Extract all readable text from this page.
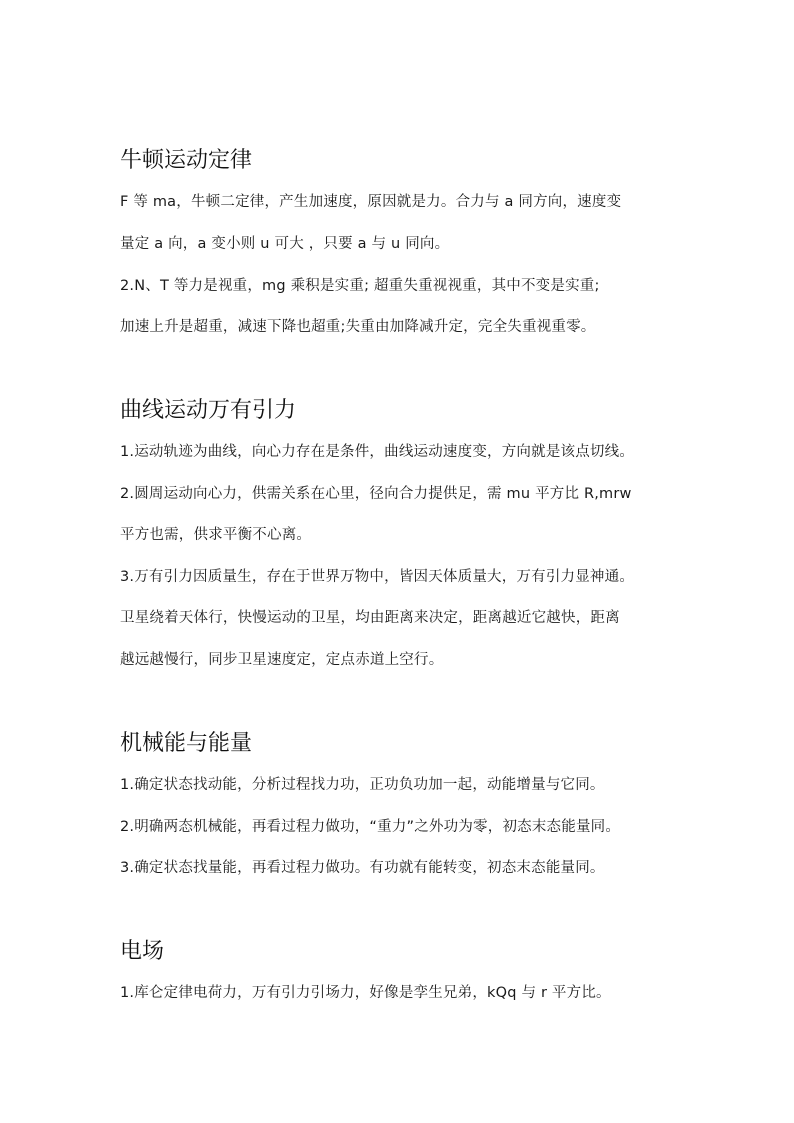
牛顿运动定律

F 等 ma，牛顿二定律，产生加速度，原因就是力。合力与 a 同方向，速度变

量定 a 向，a 变小则 u 可大 ，只要 a 与 u 同向。

2.N、T 等力是视重，mg 乘积是实重; 超重失重视视重，其中不变是实重;

加速上升是超重，减速下降也超重;失重由加降减升定，完全失重视重零。

曲线运动万有引力

1.运动轨迹为曲线，向心力存在是条件，曲线运动速度变，方向就是该点切线。

2.圆周运动向心力，供需关系在心里，径向合力提供足，需 mu 平方比 R,mrw

平方也需，供求平衡不心离。

3.万有引力因质量生，存在于世界万物中，皆因天体质量大，万有引力显神通。

卫星绕着天体行，快慢运动的卫星，均由距离来决定，距离越近它越快，距离

越远越慢行，同步卫星速度定，定点赤道上空行。

机械能与能量

1.确定状态找动能，分析过程找力功，正功负功加一起，动能增量与它同。

2.明确两态机械能，再看过程力做功，“重力”之外功为零，初态末态能量同。

3.确定状态找量能，再看过程力做功。有功就有能转变，初态末态能量同。

电场

1.库仑定律电荷力，万有引力引场力，好像是孪生兄弟，kQq 与 r 平方比。
